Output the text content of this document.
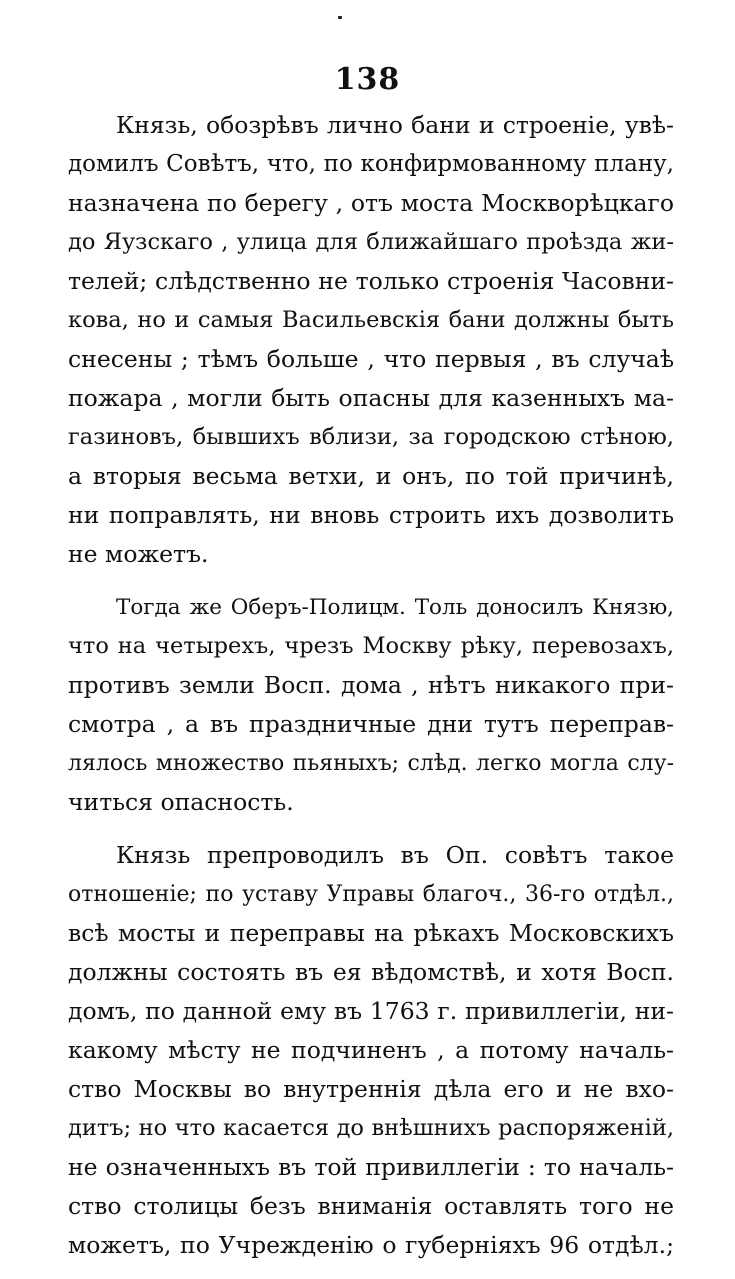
138
Князь, обозрѣвъ лично бани и строеніе, увѣ-
домилъ Совѣтъ, что, по конфирмованному плану,
назначена по берегу , отъ моста Москворѣцкаго
до Яузскаго , улица для ближайшаго проѣзда жи-
телей; слѣдственно не только строенія Часовни-
кова, но и самыя Васильевскія бани должны быть
снесены ; тѣмъ больше , что первыя , въ случаѣ
пожара , могли быть опасны для казенныхъ ма-
газиновъ, бывшихъ вблизи, за городскою стѣною,
а вторыя весьма ветхи, и онъ, по той причинѣ,
ни поправлять, ни вновь строить ихъ дозволить
не можетъ.
Тогда же Оберъ-Полицм. Толь доносилъ Князю,
что на четырехъ, чрезъ Москву рѣку, перевозахъ,
противъ земли Восп. дома , нѣтъ никакого при-
смотра , а въ праздничные дни тутъ переправ-
лялось множество пьяныхъ; слѣд. легко могла слу-
читься опасность.
Князь препроводилъ въ Оп. совѣтъ такое
отношеніе; по уставу Управы благоч., 36-го отдѣл.,
всѣ мосты и переправы на рѣкахъ Московскихъ
должны состоять въ ея вѣдомствѣ, и хотя Восп.
домъ, по данной ему въ 1763 г. привиллегіи, ни-
какому мѣсту не подчиненъ , а потому началь-
ство Москвы во внутреннія дѣла его и не вхо-
дитъ; но что касается до внѣшнихъ распоряженій,
не означенныхъ въ той привиллегіи : то началь-
ство столицы безъ вниманія оставлять того не
можетъ, по Учрежденію о губерніяхъ 96 отдѣл.;
